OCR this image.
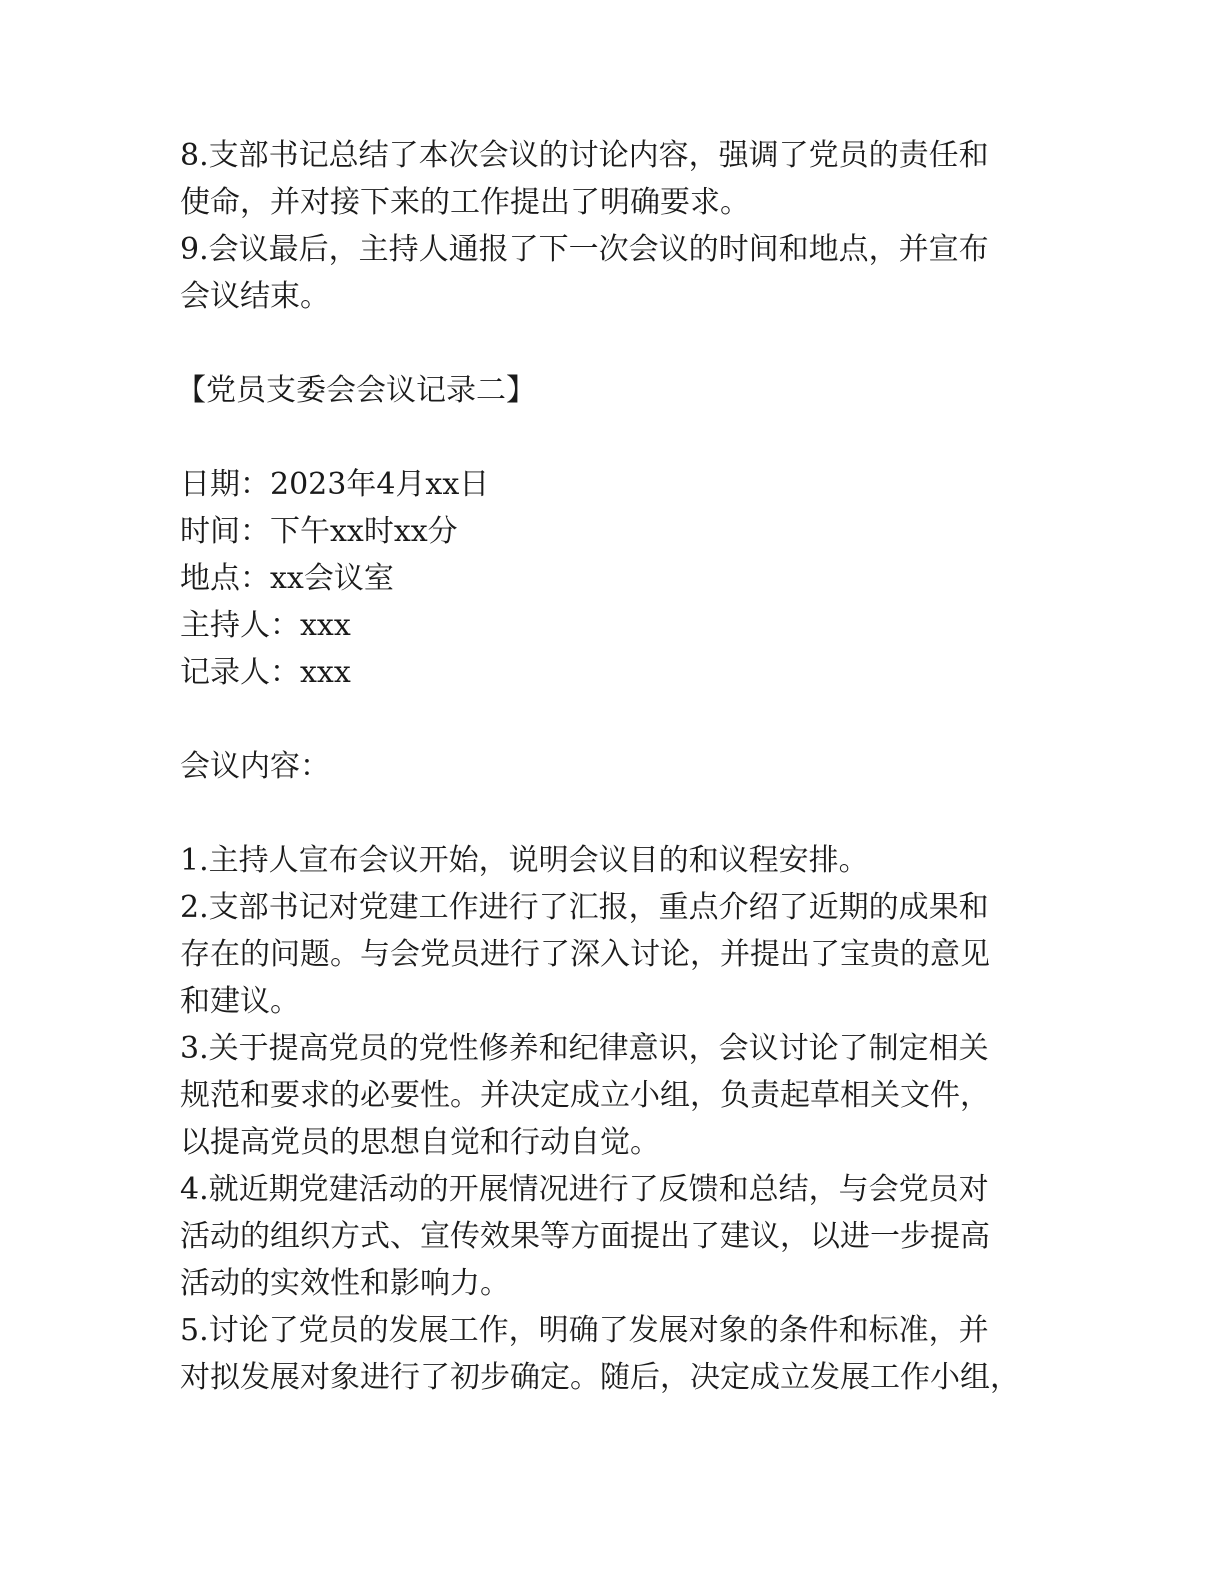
8.支部书记总结了本次会议的讨论内容，强调了党员的责任和
使命，并对接下来的工作提出了明确要求。
9.会议最后，主持人通报了下一次会议的时间和地点，并宣布
会议结束。
【党员支委会会议记录二】
日期：2023年4月xx日
时间：下午xx时xx分
地点：xx会议室
主持人：xxx
记录人：xxx
会议内容：
1.主持人宣布会议开始，说明会议目的和议程安排。
2.支部书记对党建工作进行了汇报，重点介绍了近期的成果和
存在的问题。与会党员进行了深入讨论，并提出了宝贵的意见
和建议。
3.关于提高党员的党性修养和纪律意识，会议讨论了制定相关
规范和要求的必要性。并决定成立小组，负责起草相关文件，
以提高党员的思想自觉和行动自觉。
4.就近期党建活动的开展情况进行了反馈和总结，与会党员对
活动的组织方式、宣传效果等方面提出了建议，以进一步提高
活动的实效性和影响力。
5.讨论了党员的发展工作，明确了发展对象的条件和标准，并
对拟发展对象进行了初步确定。随后，决定成立发展工作小组，
